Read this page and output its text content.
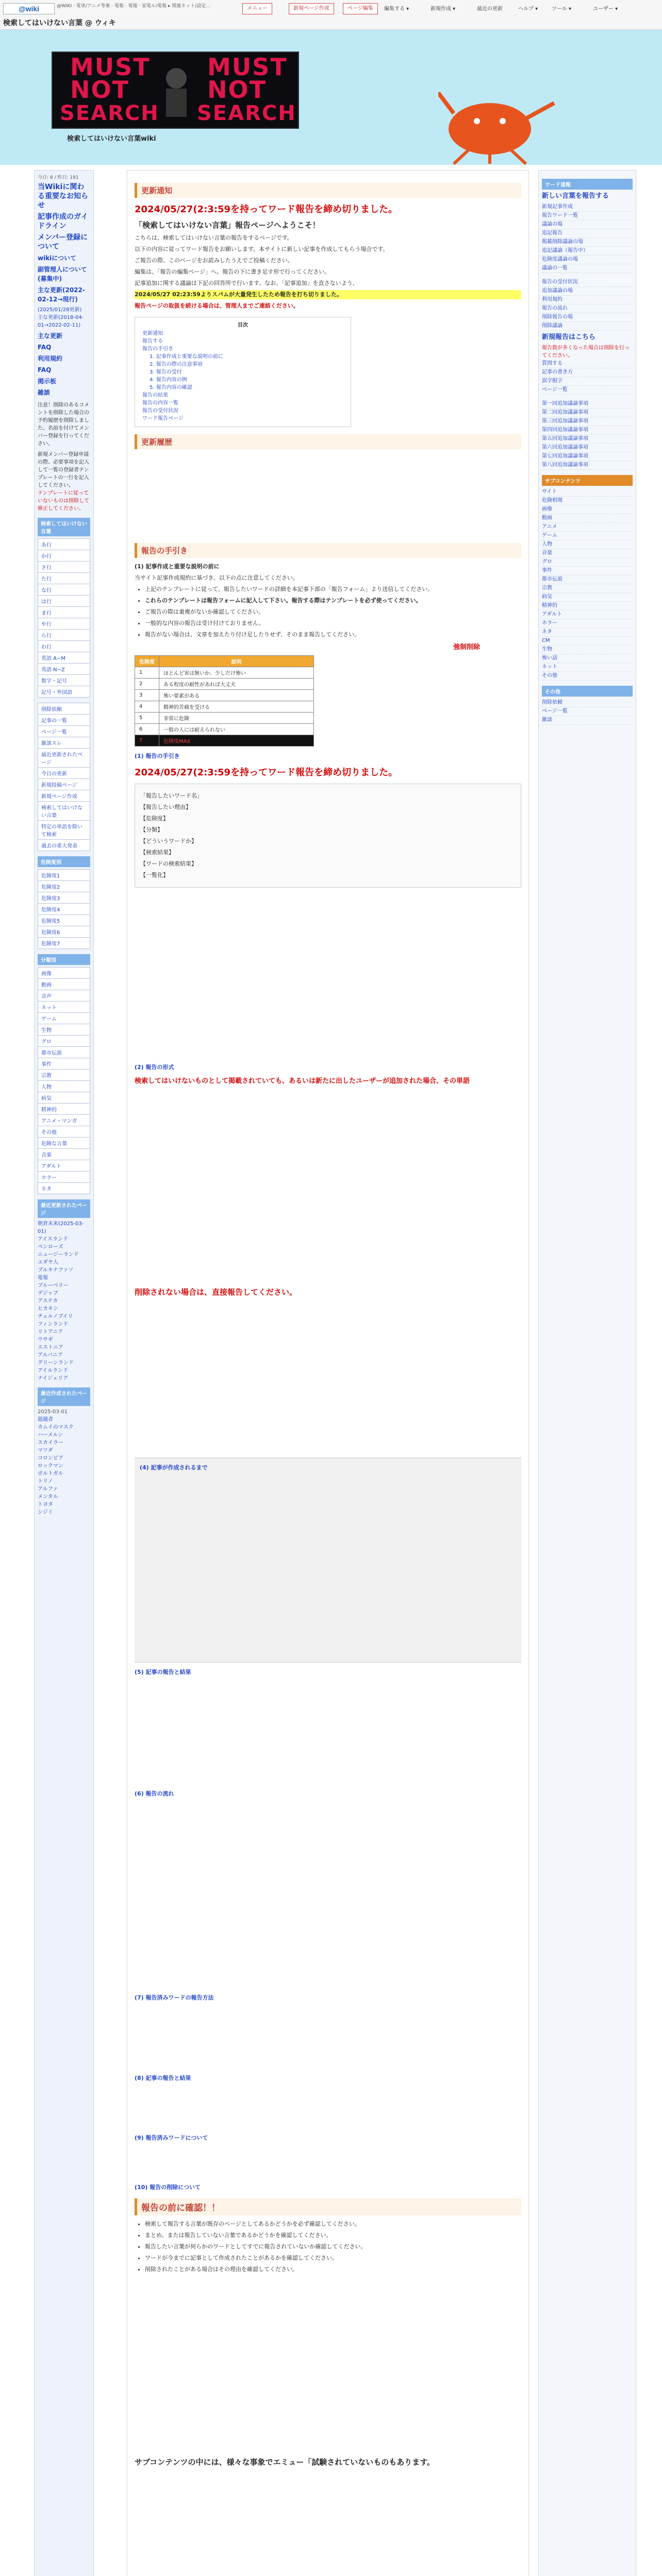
@wiki	@WIKI · 電車/アニメ等案 · 電報 · 電報 · 家電ル/電報 ▸ 関連ネット/設定…	メニュー	新規ページ作成	ページ編集	編集する ▾	新規作成 ▾	最近の更新	ヘルプ ▾	ツール ▾	ユーザー ▾
検索してはいけない言葉 @ ウィキ
MUST
NOT
SEARCH
MUST
NOT
SEARCH
検索してはいけない言葉wiki
今日: 8 / 昨日: 191
当Wikiに関わる重要なお知らせ
記事作成のガイドライン
メンバー登録について
wikiについて
副管理人について(募集中)
主な更新(2022-02-12→現行)
(2025/01/28更新)
主な更新(2018-04-01→2022-02-11)
主な更新
FAQ
利用規約
FAQ
掲示板
雑談
注意！削除のあるコメントを削除した場合の予約履歴を削除しました。名前を付けてメンバー登録を行ってください。
新規メンバー登録申請の際、必要事項を記入して一覧の登録者テンプレートの一行を記入してください。
テンプレートに従っていないものは削除して修正してください。
検索してはいけない言葉
あ行
か行
さ行
た行
な行
は行
ま行
や行
ら行
わ行
英語 A~M
英語 N~Z
数字・記号
記号・外国語
削除依頼
記事の一覧
ページ一覧
雑談スレ
最近更新されたページ
今日の更新
新規投稿ページ
新規ページ作成
検索してはいけない言葉
特定の単語を除いて検索
過去の重大発表
危険度別
危険度1
危険度2
危険度3
危険度4
危険度5
危険度6
危険度7
分類別
画像
動画
音声
ネット
ゲーム
生物
グロ
都市伝説
事件
宗教
人物
病気
精神的
アニメ・マンガ
その他
危険な言葉
音楽
アダルト
ホラー
ネタ
最近更新されたページ
朝倉未来(2025-03-01)
アイスランド
ペンローズ
ニュージーランド
ユダヤ人
ブルキナファソ
電報
ブルーベリー
デジャブ
アステカ
ヒカキン
チェルノブイリ
フィンランド
リトアニア
ウサギ
エストニア
アルバニア
グリーンランド
アイルランド
ナイジェリア
最近作成されたページ
2025-03-01
超越者
カムイのマスク
ハーメルン
スカイラー
マツダ
コロンビア
ロックマン
ポルトガル
トリノ
アルファ
メンタル
トヨタ
シジミ
更新通知
2024/05/27(2:3:59を持ってワード報告を締め切りました。
「検索してはいけない言葉」報告ページへようこそ！
こちらは、検索してはいけない言葉の報告をするページです。
以下の内容に従ってワード報告をお願いします。本サイトに新しい記事を作成してもらう場合です。
ご報告の際、このページをお読みしたうえでご投稿ください。
編集は、「報告の編集ページ」へ。報告の下に書き足す形で行ってください。
記事追加に関する議論は下記の回答所で行います。なお、「記事追加」を直さないよう、
2024/05/27 02:23:59よりスパムが大量発生したため報告を打ち切りました。
報告ページの取扱を続ける場合は、管理人までご連絡ください。
目次
更新通知
報告する
報告の手引き
1. 記事作成と重要な説明の前に
2. 報告の際の注意事項
3. 報告の受付
4. 報告内容の例
5. 報告内容の確認
報告の結果
報告の内容一覧
報告の受付状況
ワード報告ページ
更新履歴
報告の手引き
(1) 記事作成と重要な説明の前に
当サイト記事作成規約に基づき、以下の点に注意してください。
• 上記のテンプレートに従って、報告したいワードの詳細を本記事下部の「報告フォーム」より送信してください。
• これらのテンプレートは報告フォームに記入して下さい。報告する際はテンプレートを必ず使ってください。
• ご報告の際は重複がないか確認してください。
• 一般的な内容の報告は受け付けておりません。
• 報告がない場合は、文章を加えたり付け足したりせず、そのまま報告してください。
強制削除
危険度	説明
1	ほとんど害は無いか、少しだけ怖い
2	ある程度の耐性があれば大丈夫
3	怖い要素がある
4	精神的苦痛を受ける
5	非常に危険
6	一般の人には耐えられない
7	危険度MAX
(1) 報告の手引き
2024/05/27(2:3:59を持ってワード報告を締め切りました。
「報告したいワード名」
【報告したい理由】
【危険度】
【分類】
【どういうワードか】
【検索結果】
【ワードの検索結果】
【一覧化】
(2) 報告の形式
検索してはいけないものとして掲載されていても、あるいは新たに出したユーザーが追加された場合、その単語
削除されない場合は、直接報告してください。
(4) 記事が作成されるまで
(5) 記事の報告と結果
(6) 報告の流れ
(7) 報告済みワードの報告方法
(8) 記事の報告と結果
(9) 報告済みワードについて
(10) 報告の削除について
報告の前に確認！！
• 検索して報告する言葉が既存のページとしてあるかどうかを必ず確認してください。
• まとめ、または報告していない言葉であるかどうかを確認してください。
• 報告したい言葉が何らかのワードとしてすでに報告されていないか確認してください。
• ワードが今までに記事として作成されたことがあるかを確認してください。
• 削除されたことがある場合はその理由を確認してください。
サブコンテンツの中には、様々な事象でエミュー「試験されていないものもあります。
ワード通報
新しい言葉を報告する
新規記事作成
報告ワード一覧
議論の場
追記報告
掲載削除議論の場
追記議論（報告中）
危険度議論の場
議論の一覧
報告の受付状況
追加議論の場
利用規約
報告の流れ
削除報告の場
削除議論
新規報告はこちら
報告数が多くなった場合は削除を行ってください。
質問する
記事の書き方
誤字脱字
ページ一覧
第一回追加議論事項
第二回追加議論事項
第三回追加議論事項
第四回追加議論事項
第五回追加議論事項
第六回追加議論事項
第七回追加議論事項
第八回追加議論事項
サブコンテンツ
サイト
危険相関
画像
動画
アニメ
ゲーム
人物
音楽
グロ
事件
都市伝説
宗教
病気
精神的
アダルト
ホラー
ネタ
CM
生物
怖い話
ネット
その他
その他
削除依頼
ページ一覧
雑談
